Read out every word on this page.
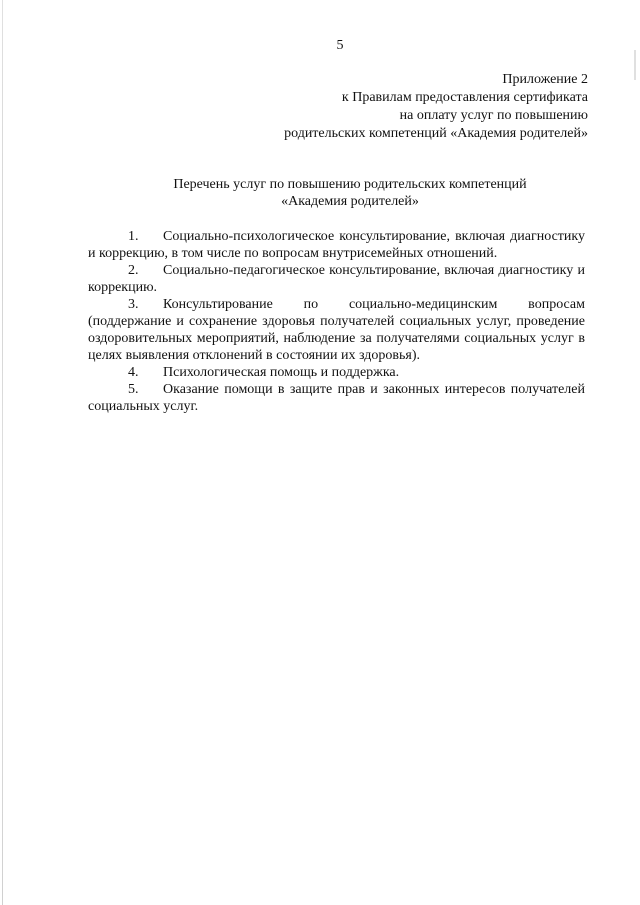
5
Приложение 2
к Правилам предоставления сертификата
на оплату услуг по повышению
родительских компетенций «Академия родителей»
Перечень услуг по повышению родительских компетенций
«Академия родителей»

1. Социально-психологическое консультирование, включая диагностику и коррекцию, в том числе по вопросам внутрисемейных отношений.

2. Социально-педагогическое консультирование, включая диагностику и коррекцию.

3. Консультирование по социально-медицинским вопросам (поддержание и сохранение здоровья получателей социальных услуг, проведение оздоровительных мероприятий, наблюдение за получателями социальных услуг в целях выявления отклонений в состоянии их здоровья).

4. Психологическая помощь и поддержка.

5. Оказание помощи в защите прав и законных интересов получателей социальных услуг.
